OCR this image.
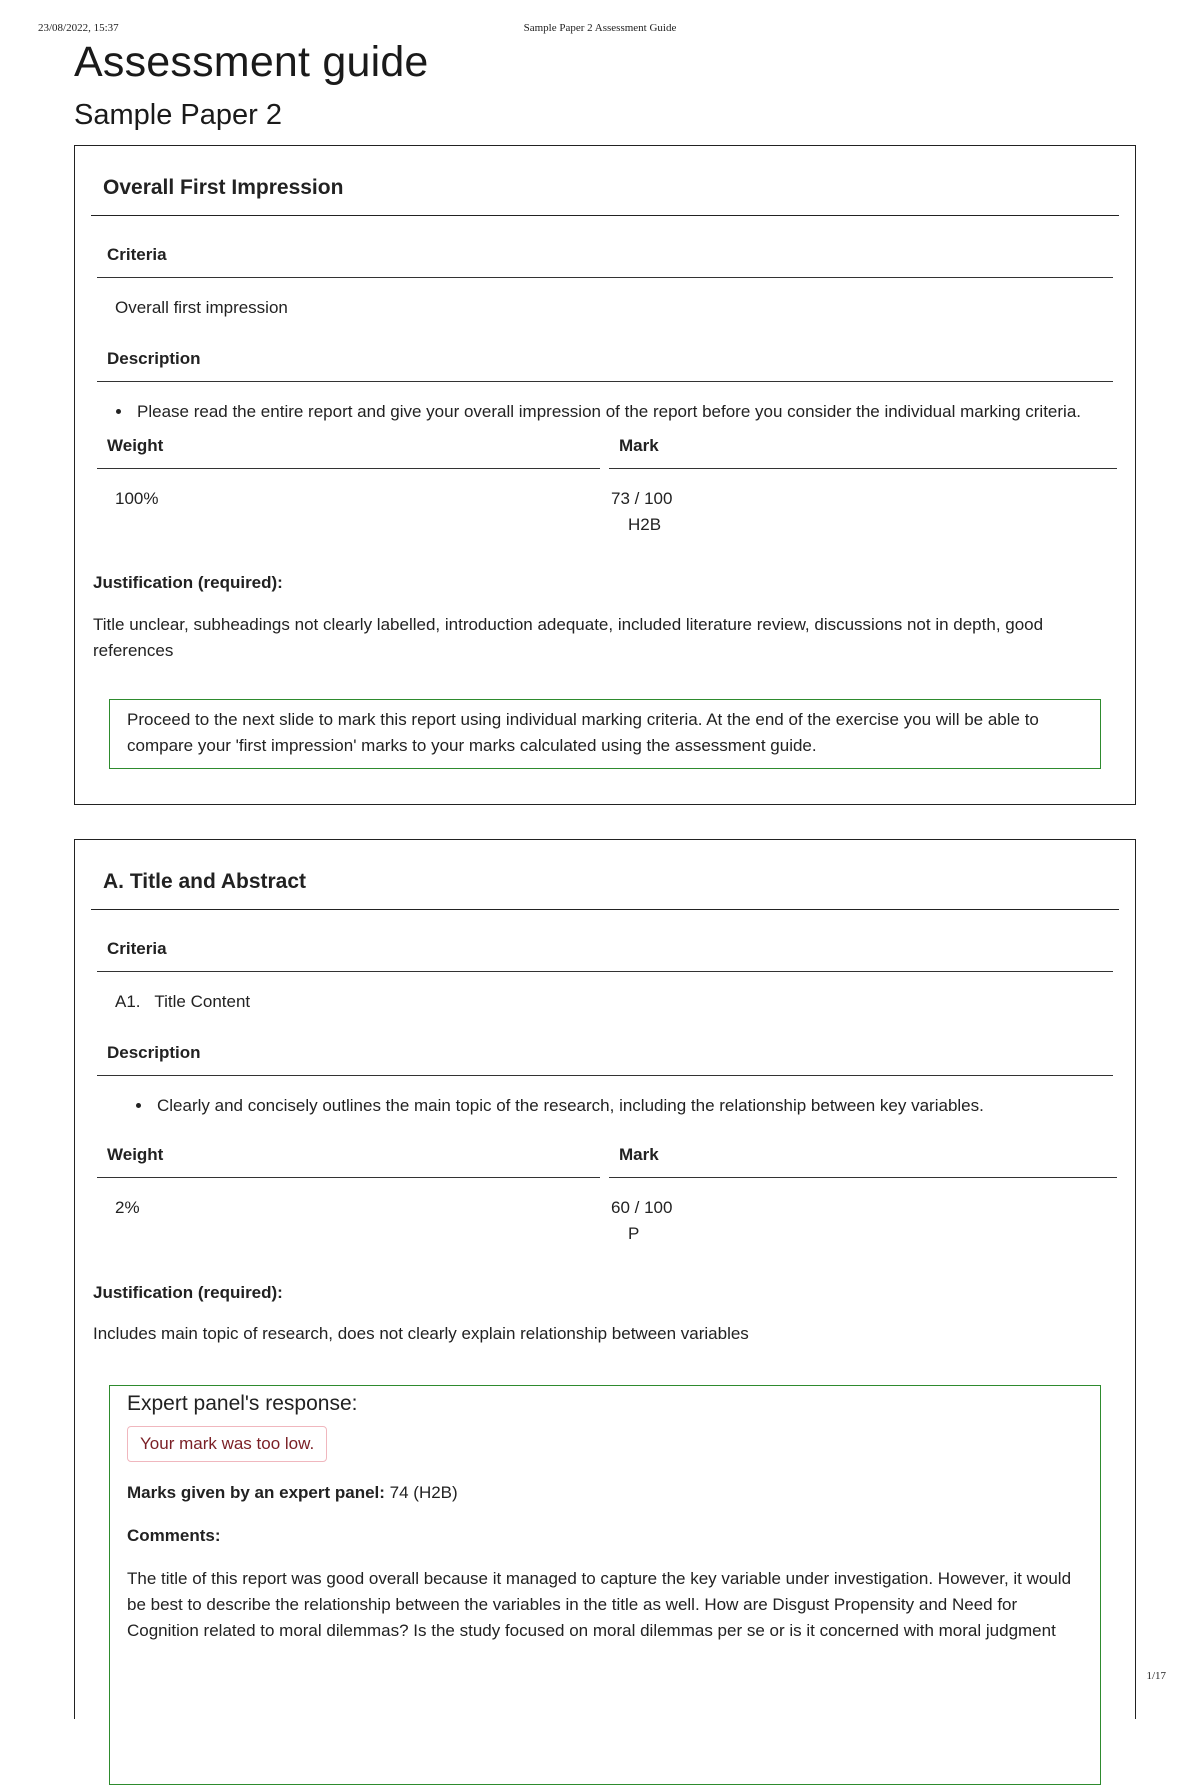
23/08/2022, 15:37	Sample Paper 2 Assessment Guide
Assessment guide
Sample Paper 2
Overall First Impression
Criteria
Overall first impression
Description
• Please read the entire report and give your overall impression of the report before you consider the individual marking criteria.
Weight	Mark
100%	73 / 100
H2B
Justification (required):

Title unclear, subheadings not clearly labelled, introduction adequate, included literature review, discussions not in depth, good references

Proceed to the next slide to mark this report using individual marking criteria. At the end of the exercise you will be able to compare your 'first impression' marks to your marks calculated using the assessment guide.

A. Title and Abstract
Criteria
A1.   Title Content
Description
• Clearly and concisely outlines the main topic of the research, including the relationship between key variables.
Weight	Mark
2%	60 / 100
P
Justification (required):

Includes main topic of research, does not clearly explain relationship between variables

Expert panel's response:
Your mark was too low.
Marks given by an expert panel: 74 (H2B)
Comments:

The title of this report was good overall because it managed to capture the key variable under investigation. However, it would be best to describe the relationship between the variables in the title as well. How are Disgust Propensity and Need for Cognition related to moral dilemmas? Is the study focused on moral dilemmas per se or is it concerned with moral judgment

1/17
